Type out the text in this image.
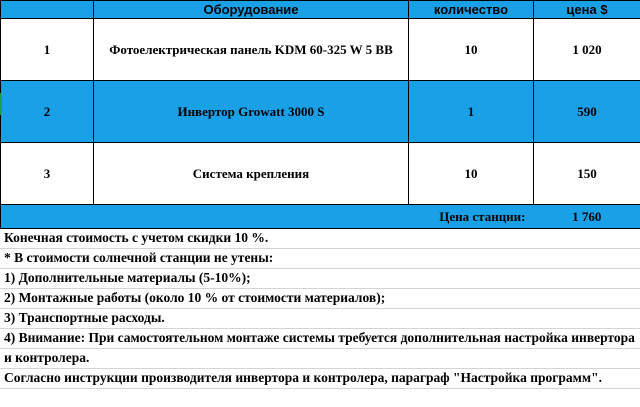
	Оборудование	количество	цена $
1	Фотоелектрическая панель KDM 60-325 W 5 BB	10	1 020
2	Инвертор Growatt 3000 S	1	590
3	Система крепления	10	150
		Цена станции:	1 760
Конечная стоимость с учетом скидки 10 %.
* В стоимости солнечной станции не утены:
1) Дополнительные материалы (5-10%);
2) Монтажные работы (около 10 % от стоимости материалов);
3) Транспортные расходы.
4) Внимание: При самостоятельном монтаже системы требуется дополнительная настройка инвертора и контролера.
Согласно инструкции производителя инвертора и контролера, параграф "Настройка программ".
